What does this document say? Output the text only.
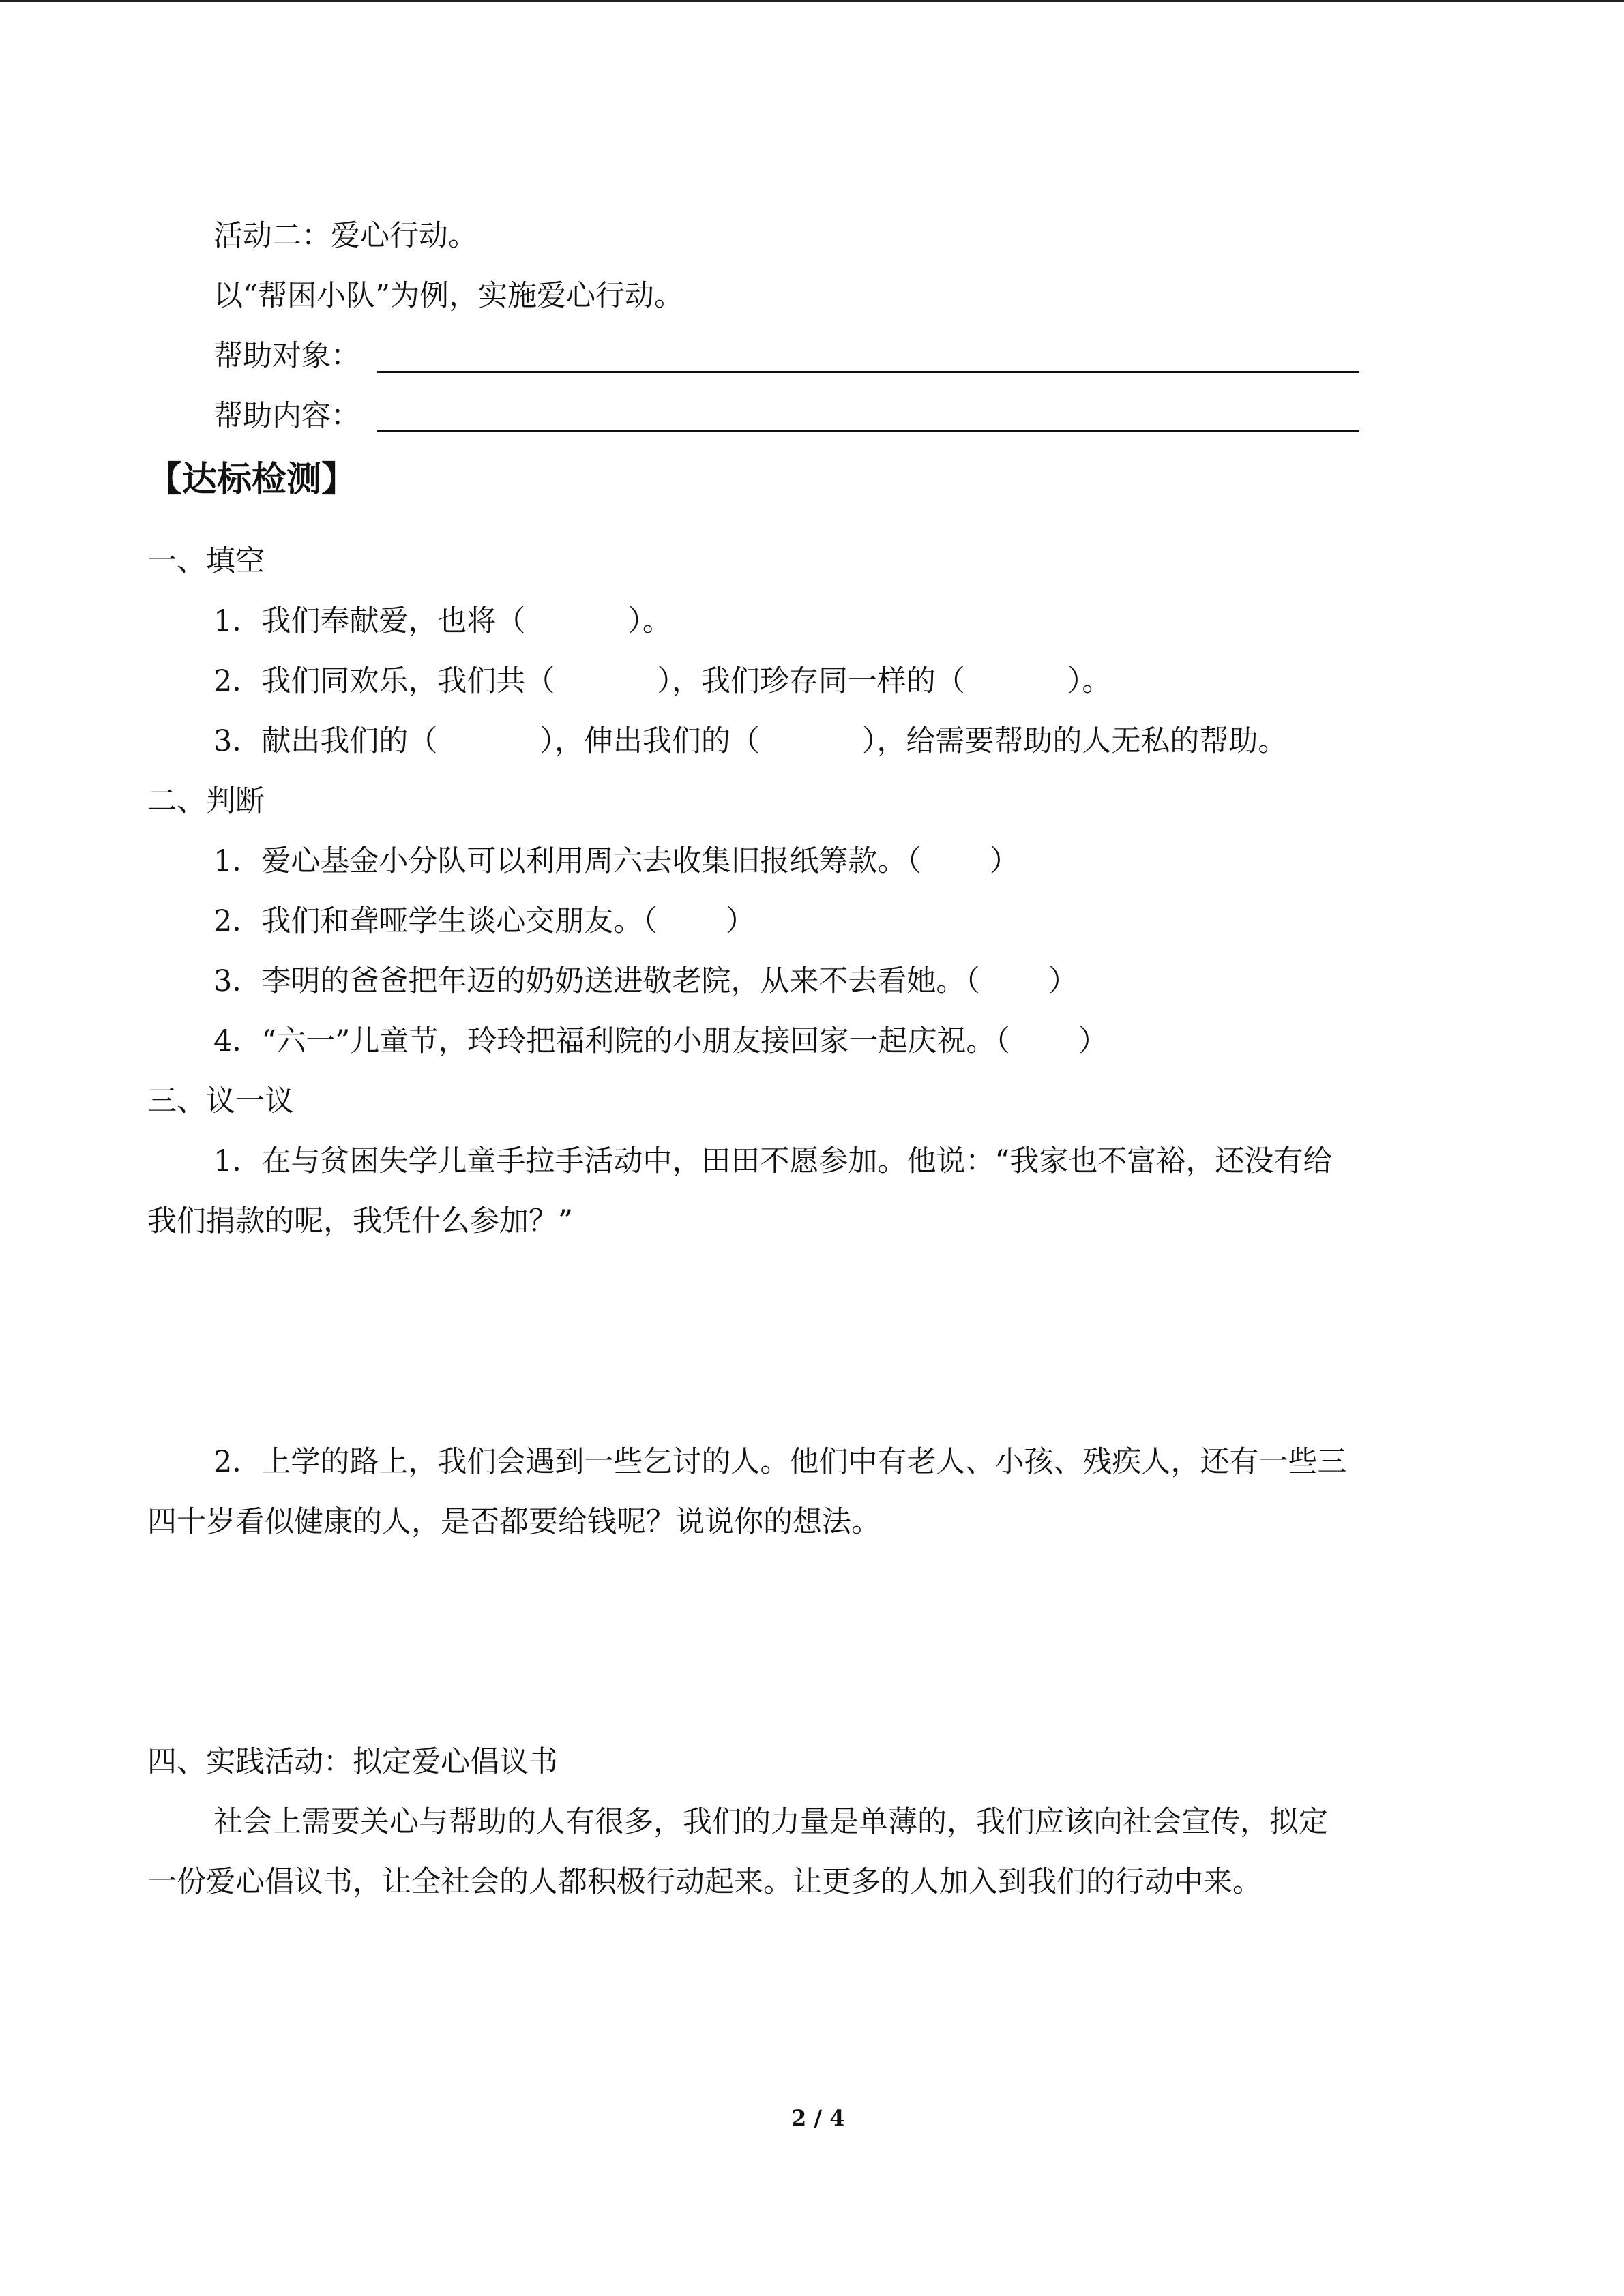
活动二：爱心行动。
以“帮困小队”为例，实施爱心行动。
帮助对象：
帮助内容：
【达标检测】
一、填空
1．我们奉献爱，也将（	）。
2．我们同欢乐，我们共（	），我们珍存同一样的（	）。
3．献出我们的（	），伸出我们的（	），给需要帮助的人无私的帮助。
二、判断
1．爱心基金小分队可以利用周六去收集旧报纸筹款。（ ）
2．我们和聋哑学生谈心交朋友。（ ）
3．李明的爸爸把年迈的奶奶送进敬老院，从来不去看她。（ ）
4．“六一”儿童节，玲玲把福利院的小朋友接回家一起庆祝。（ ）
三、议一议
1．在与贫困失学儿童手拉手活动中，田田不愿参加。他说：“我家也不富裕，还没有给
我们捐款的呢，我凭什么参加？”
2．上学的路上，我们会遇到一些乞讨的人。他们中有老人、小孩、残疾人，还有一些三
四十岁看似健康的人，是否都要给钱呢？说说你的想法。
四、实践活动：拟定爱心倡议书
社会上需要关心与帮助的人有很多，我们的力量是单薄的，我们应该向社会宣传，拟定
一份爱心倡议书，让全社会的人都积极行动起来。让更多的人加入到我们的行动中来。
2 / 4
